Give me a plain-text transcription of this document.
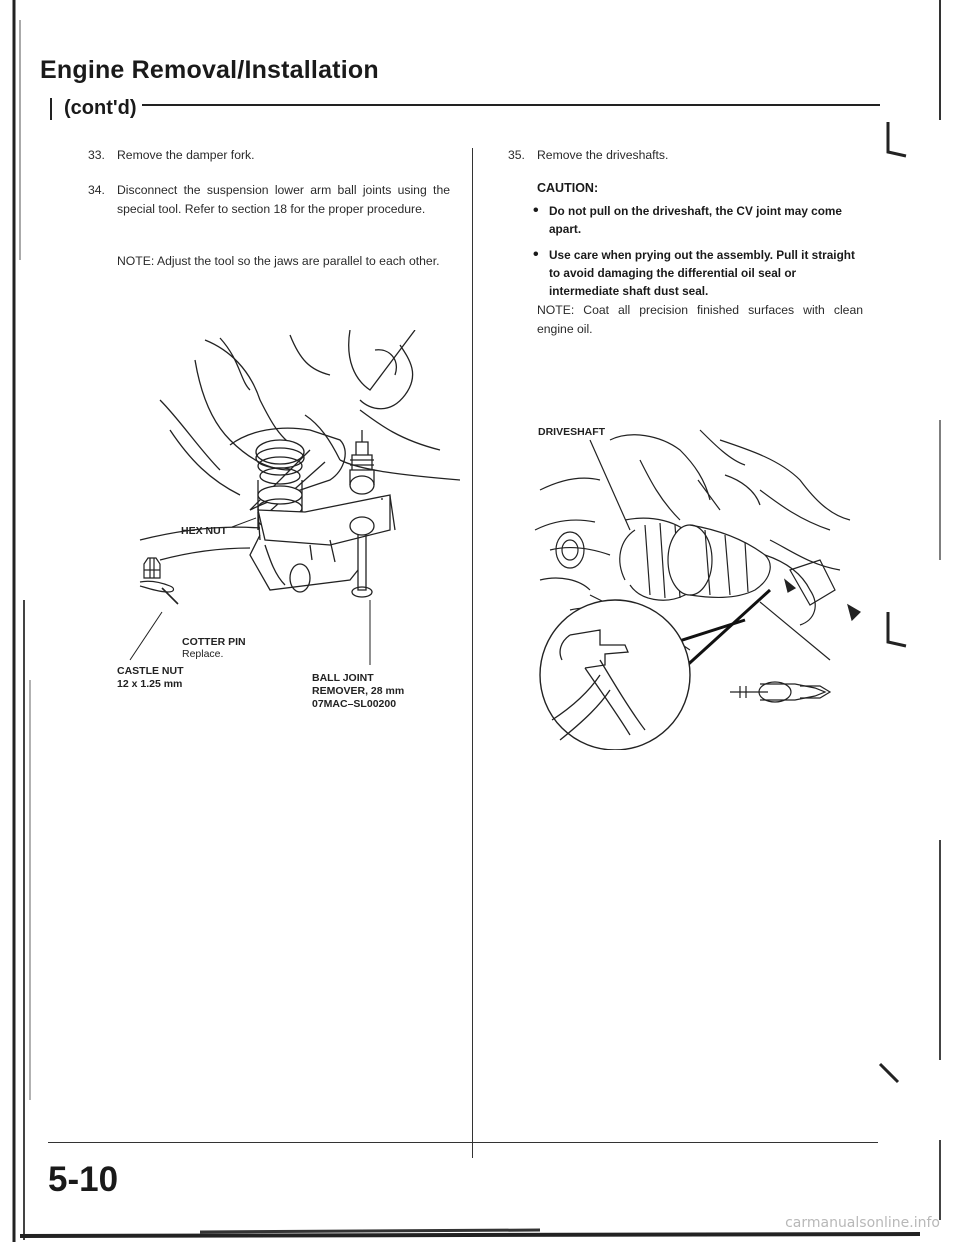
Engine Removal/Installation
(cont'd)
33. Remove the damper fork.
34. Disconnect the suspension lower arm ball joints using the special tool. Refer to section 18 for the proper procedure.
NOTE: Adjust the tool so the jaws are parallel to each other.
HEX NUT
COTTER PIN
Replace.
CASTLE NUT
12 x 1.25 mm	BALL JOINT
REMOVER, 28 mm
07MAC–SL00200
35. Remove the driveshafts.
CAUTION:
• Do not pull on the driveshaft, the CV joint may come apart.
• Use care when prying out the assembly. Pull it straight to avoid damaging the differential oil seal or intermediate shaft dust seal.
NOTE: Coat all precision finished surfaces with clean engine oil.
DRIVESHAFT
5-10
carmanualsonline.info
